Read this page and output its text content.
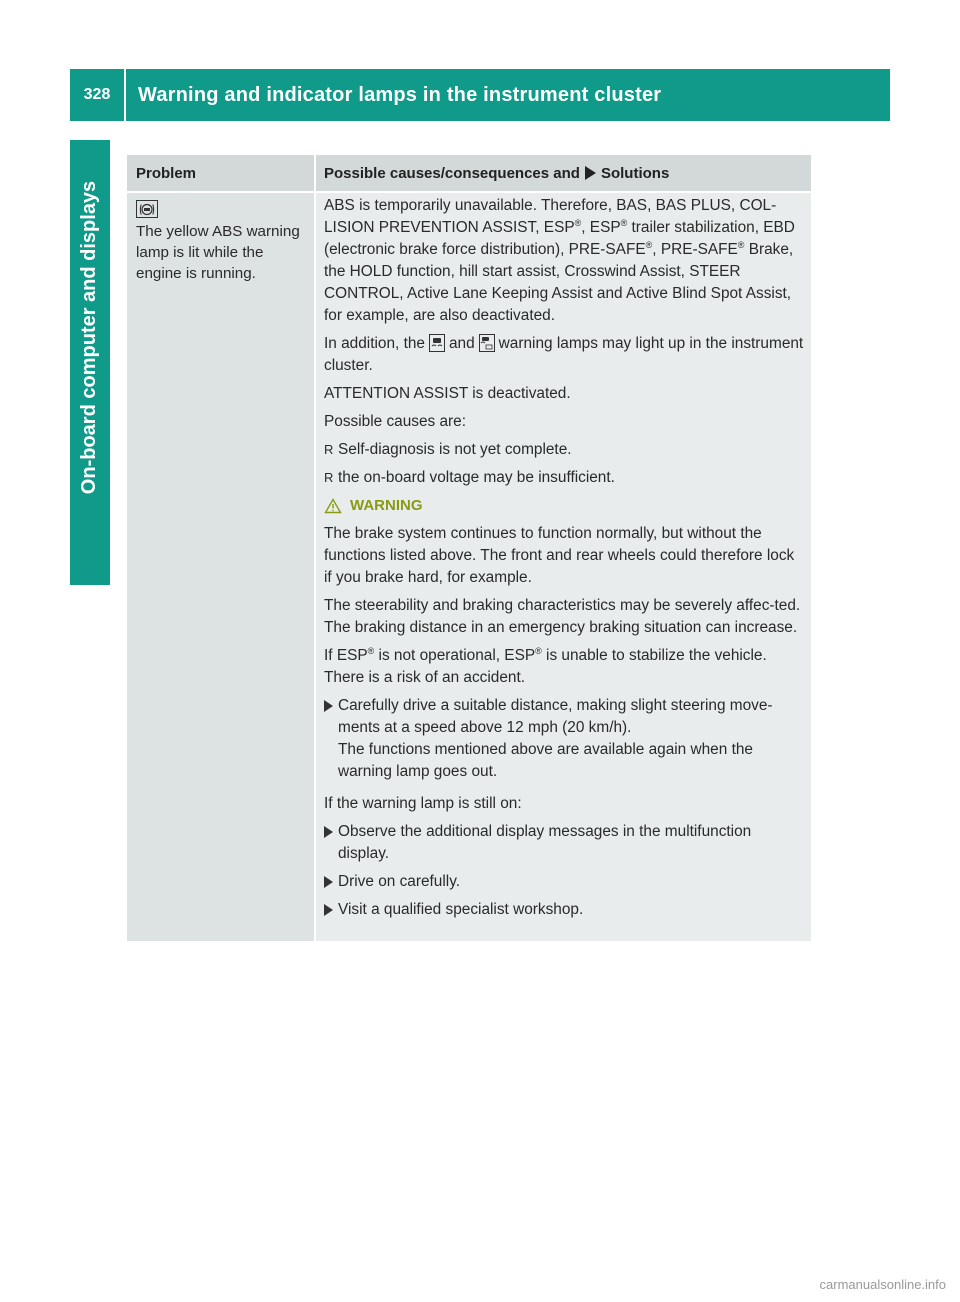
328	Warning and indicator lamps in the instrument cluster
On-board computer and displays
Problem	Possible causes/consequences and Solutions
The yellow ABS warning lamp is lit while the engine is running.

ABS is temporarily unavailable. Therefore, BAS, BAS PLUS, COL-LISION PREVENTION ASSIST, ESP®, ESP® trailer stabilization, EBD (electronic brake force distribution), PRE-SAFE®, PRE-SAFE® Brake, the HOLD function, hill start assist, Crosswind Assist, STEER CONTROL, Active Lane Keeping Assist and Active Blind Spot Assist, for example, are also deactivated.

In addition, the and warning lamps may light up in the instrument cluster.

ATTENTION ASSIST is deactivated.

Possible causes are:

R Self-diagnosis is not yet complete.
R the on-board voltage may be insufficient.
WARNING

The brake system continues to function normally, but without the functions listed above. The front and rear wheels could therefore lock if you brake hard, for example.

The steerability and braking characteristics may be severely affec-ted. The braking distance in an emergency braking situation can increase.

If ESP® is not operational, ESP® is unable to stabilize the vehicle. There is a risk of an accident.

Carefully drive a suitable distance, making slight steering move-ments at a speed above 12 mph (20 km/h).
The functions mentioned above are available again when the warning lamp goes out.

If the warning lamp is still on:

Observe the additional display messages in the multifunction display.
Drive on carefully.
Visit a qualified specialist workshop.
carmanualsonline.info
